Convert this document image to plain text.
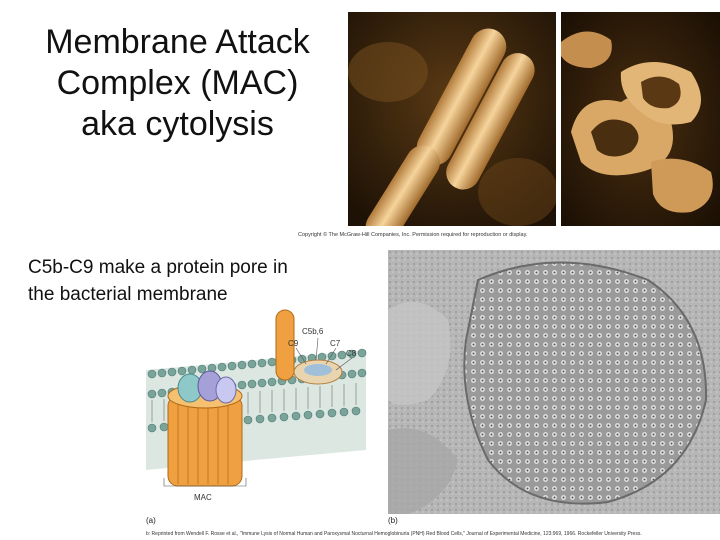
Membrane Attack
Complex (MAC)
aka cytolysis
C5b-C9 make a protein pore in
the bacterial membrane
Copyright © The McGraw-Hill Companies, Inc. Permission required for reproduction or display.
C5b,6
C9	C7
C8
MAC
(a)	(b)
b: Reprinted from Wendell F. Rosse et al., "Immune Lysis of Normal Human and Paroxysmal Nocturnal Hemoglobinuria (PNH) Red Blood Cells," Journal of Experimental Medicine, 123:969, 1966. Rockefeller University Press.
